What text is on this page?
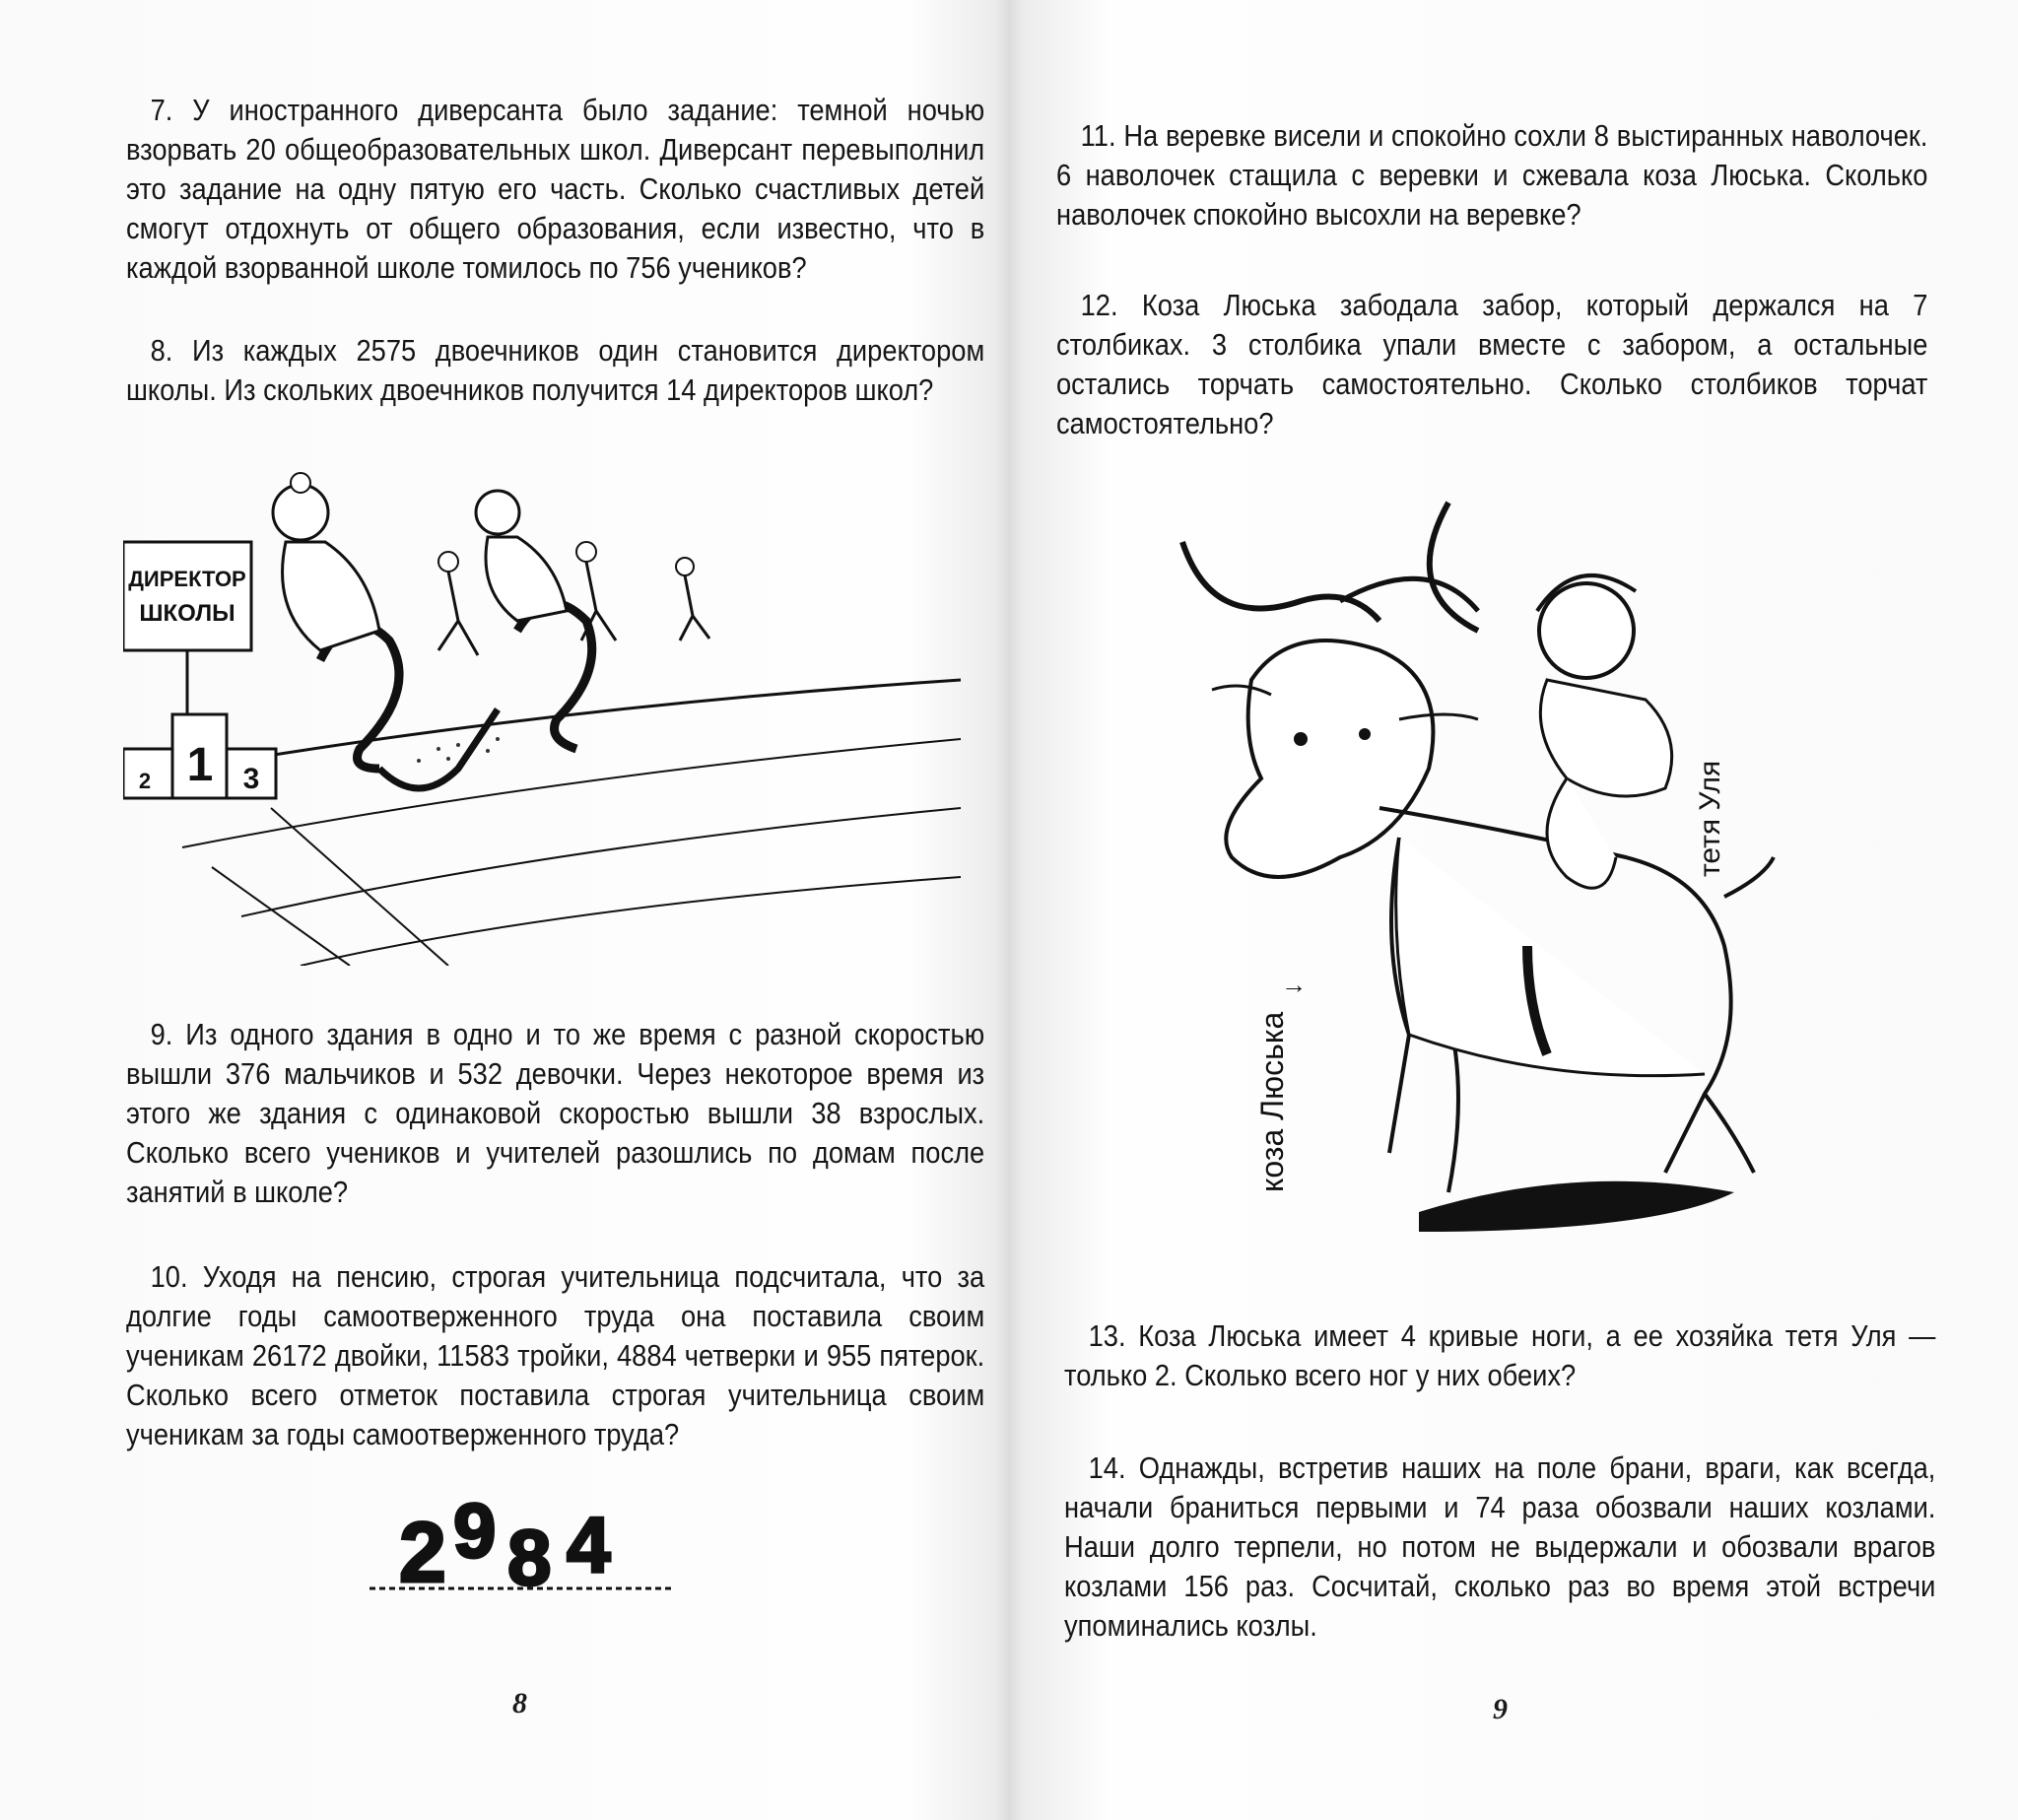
7. У иностранного диверсанта было задание: темной ночью взорвать 20 общеобразовательных школ. Диверсант перевыполнил это задание на одну пятую его часть. Сколько счастливых детей смогут отдохнуть от общего образования, если известно, что в каждой взорванной школе томилось по 756 учеников?
8. Из каждых 2575 двоечников один становится директором школы. Из скольких двоечников получится 14 директоров школ?
ДИРЕКТОР
ШКОЛЫ
1
2	3
9. Из одного здания в одно и то же время с разной скоростью вышли 376 мальчиков и 532 девочки. Через некоторое время из этого же здания с одинаковой скоростью вышли 38 взрослых. Сколько всего учеников и учителей разошлись по домам после занятий в школе?
10. Уходя на пенсию, строгая учительница подсчитала, что за долгие годы самоотверженного труда она поставила своим ученикам 26172 двойки, 11583 тройки, 4884 четверки и 955 пятерок. Сколько всего отметок поставила строгая учительница своим ученикам за годы самоотверженного труда?
2 9 8 4
8
11. На веревке висели и спокойно сохли 8 выстиранных наволочек. 6 наволочек стащила с веревки и сжевала коза Люська. Сколько наволочек спокойно высохли на веревке?
12. Коза Люська забодала забор, который держался на 7 столбиках. 3 столбика упали вместе с забором, а остальные остались торчать самостоятельно. Сколько столбиков торчат самостоятельно?
коза Люська
↓
тетя Уля
13. Коза Люська имеет 4 кривые ноги, а ее хозяйка тетя Уля — только 2. Сколько всего ног у них обеих?
14. Однажды, встретив наших на поле брани, враги, как всегда, начали браниться первыми и 74 раза обозвали наших козлами. Наши долго терпели, но потом не выдержали и обозвали врагов козлами 156 раз. Сосчитай, сколько раз во время этой встречи упоминались козлы.
9
